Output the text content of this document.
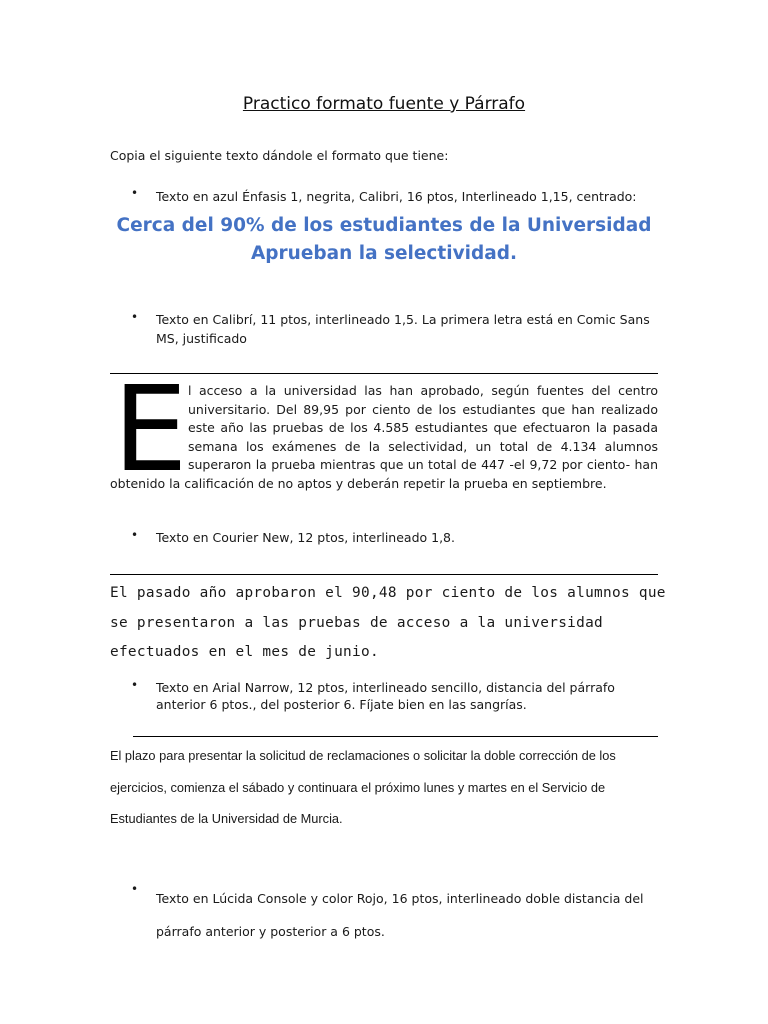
Practico formato fuente y Párrafo
Copia el siguiente texto dándole el formato que tiene:
• Texto en azul Énfasis 1, negrita, Calibri, 16 ptos, Interlineado 1,15, centrado:
Cerca del 90% de los estudiantes de la Universidad Aprueban la selectividad.
• Texto en Calibrí, 11 ptos, interlineado 1,5. La primera letra está en Comic Sans MS, justificado
E l acceso a la universidad las han aprobado, según fuentes del centro universitario. Del 89,95 por ciento de los estudiantes que han realizado este año las pruebas de los 4.585 estudiantes que efectuaron la pasada semana los exámenes de la selectividad, un total de 4.134 alumnos superaron la prueba mientras que un total de 447 -el 9,72 por ciento- han obtenido la calificación de no aptos y deberán repetir la prueba en septiembre.
• Texto en Courier New, 12 ptos, interlineado 1,8.
El pasado año aprobaron el 90,48 por ciento de los alumnos que se presentaron a las pruebas de acceso a la universidad efectuados en el mes de junio.
• Texto en Arial Narrow, 12 ptos, interlineado sencillo, distancia del párrafo anterior 6 ptos., del posterior 6. Fíjate bien en las sangrías.
El plazo para presentar la solicitud de reclamaciones o solicitar la doble corrección de los ejercicios, comienza el sábado y continuara el próximo lunes y martes en el Servicio de Estudiantes de la Universidad de Murcia.
•
Texto en Lúcida Console y color Rojo, 16 ptos, interlineado doble distancia del párrafo anterior y posterior a 6 ptos.
